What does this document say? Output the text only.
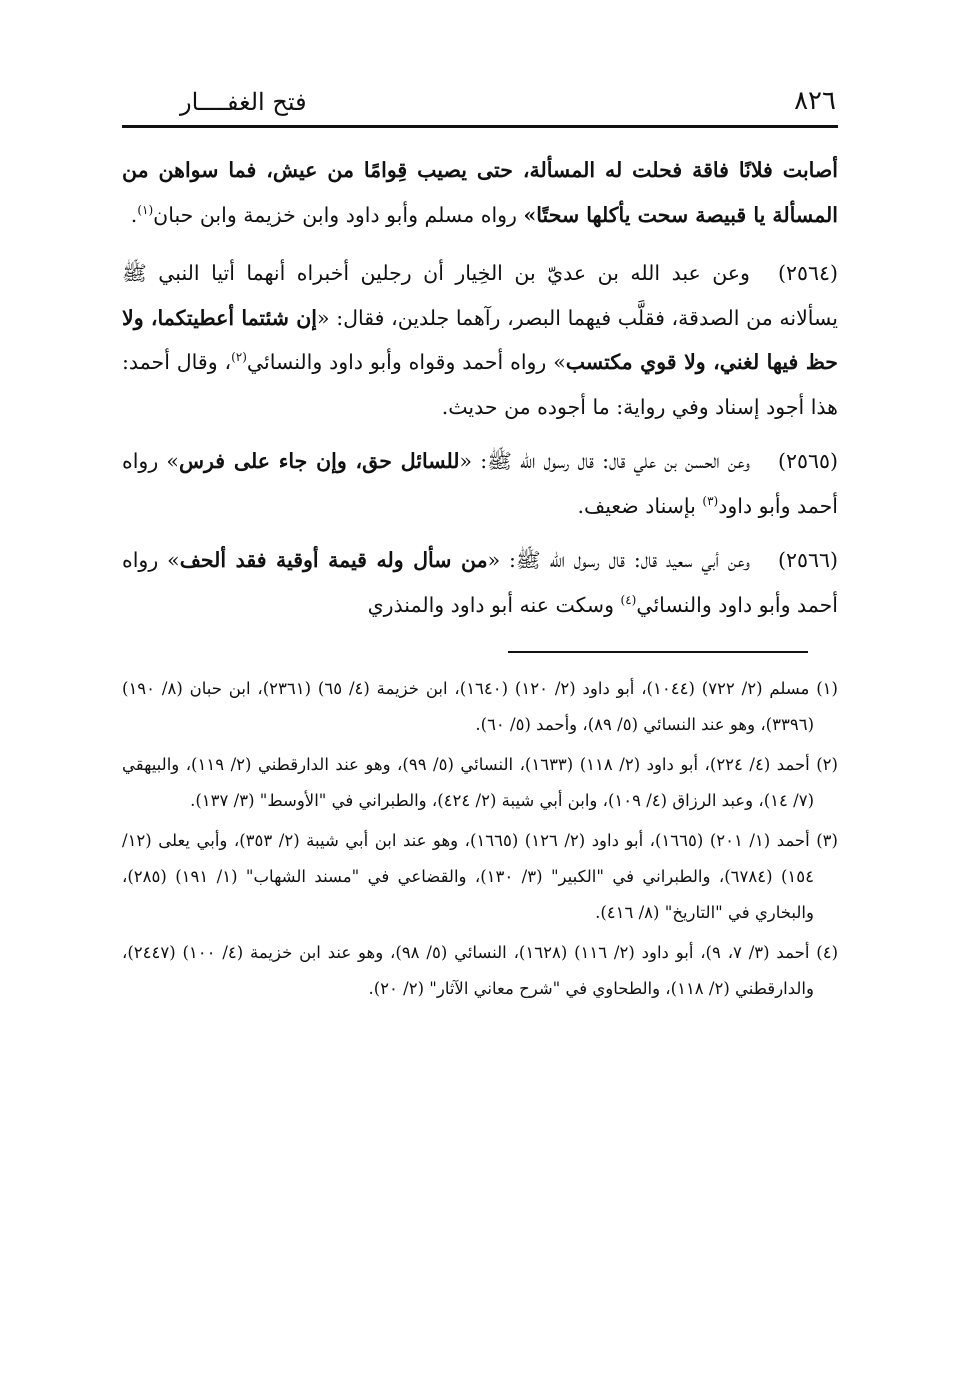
٨٢٦
فتح الغفــــار

أصابت فلانًا فاقة فحلت له المسألة، حتى يصيب قِوامًا من عيش، فما سواهن من المسألة يا قبيصة سحت يأكلها سحتًا» رواه مسلم وأبو داود وابن خزيمة وابن حبان$^{(١)}$.

(٢٥٦٤)وعن عبد الله بن عديّ بن الخِيار أن رجلين أخبراه أنهما أتيا النبي ﷺ يسألانه من الصدقة، فقلَّب فيهما البصر، رآهما جلدين، فقال: «إن شئتما أعطيتكما، ولا حظ فيها لغني، ولا قوي مكتسب» رواه أحمد وقواه وأبو داود والنسائي$^{(٢)}$، وقال أحمد: هذا أجود إسناد وفي رواية: ما أجوده من حديث.

(٢٥٦٥)وعن الحسن بن علي قال: قال رسول الله ﷺ: «للسائل حق، وإن جاء على فرس» رواه أحمد وأبو داود$^{(٣)}$ بإسناد ضعيف.

(٢٥٦٦)وعن أبي سعيد قال: قال رسول الله ﷺ: «من سأل وله قيمة أوقية فقد ألحف» رواه أحمد وأبو داود والنسائي$^{(٤)}$ وسكت عنه أبو داود والمنذري

(١) مسلم (٢/ ٧٢٢) (١٠٤٤)، أبو داود (٢/ ١٢٠) (١٦٤٠)، ابن خزيمة (٤/ ٦٥) (٢٣٦١)، ابن حبان (٨/ ١٩٠) (٣٣٩٦)، وهو عند النسائي (٥/ ٨٩)، وأحمد (٥/ ٦٠).

(٢) أحمد (٤/ ٢٢٤)، أبو داود (٢/ ١١٨) (١٦٣٣)، النسائي (٥/ ٩٩)، وهو عند الدارقطني (٢/ ١١٩)، والبيهقي (٧/ ١٤)، وعبد الرزاق (٤/ ١٠٩)، وابن أبي شيبة (٢/ ٤٢٤)، والطبراني في "الأوسط" (٣/ ١٣٧).

(٣) أحمد (١/ ٢٠١) (١٦٦٥)، أبو داود (٢/ ١٢٦) (١٦٦٥)، وهو عند ابن أبي شيبة (٢/ ٣٥٣)، وأبي يعلى (١٢/ ١٥٤) (٦٧٨٤)، والطبراني في "الكبير" (٣/ ١٣٠)، والقضاعي في "مسند الشهاب" (١/ ١٩١) (٢٨٥)، والبخاري في "التاريخ" (٨/ ٤١٦).

(٤) أحمد (٣/ ٧، ٩)، أبو داود (٢/ ١١٦) (١٦٢٨)، النسائي (٥/ ٩٨)، وهو عند ابن خزيمة (٤/ ١٠٠) (٢٤٤٧)، والدارقطني (٢/ ١١٨)، والطحاوي في "شرح معاني الآثار" (٢/ ٢٠).
